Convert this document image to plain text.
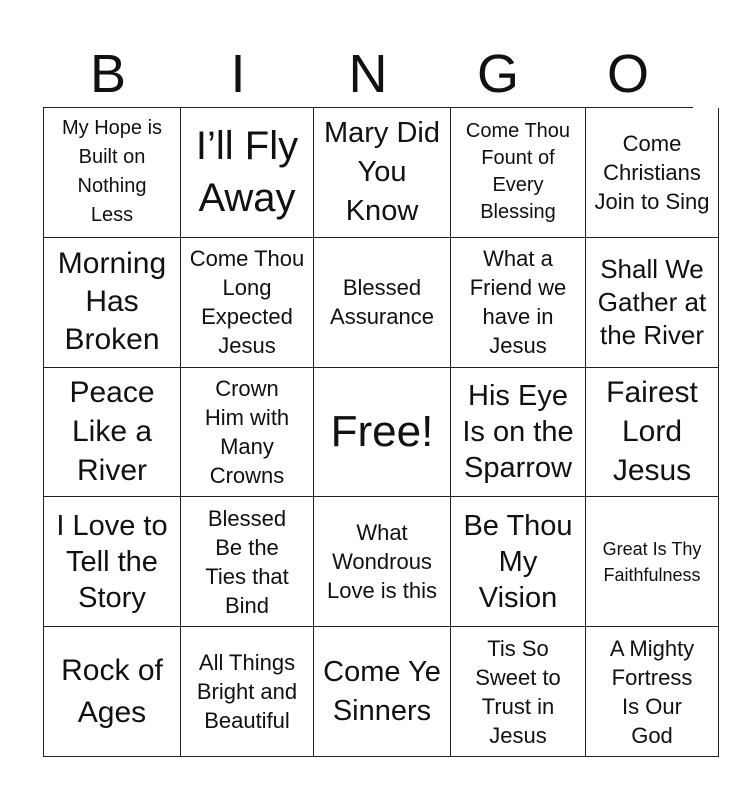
B	I	N	G	O
My Hope is Built on Nothing Less
I’ll Fly Away
Mary Did You Know
Come Thou Fount of Every Blessing
Come Christians Join to Sing
Morning Has Broken
Come Thou Long Expected Jesus
Blessed Assurance
What a Friend we have in Jesus
Shall We Gather at the River
Peace Like a River
Crown Him with Many Crowns
Free!
His Eye Is on the Sparrow
Fairest Lord Jesus
I Love to Tell the Story
Blessed Be the Ties that Bind
What Wondrous Love is this
Be Thou My Vision
Great Is Thy Faithfulness
Rock of Ages
All Things Bright and Beautiful
Come Ye Sinners
Tis So Sweet to Trust in Jesus
A Mighty Fortress Is Our God
